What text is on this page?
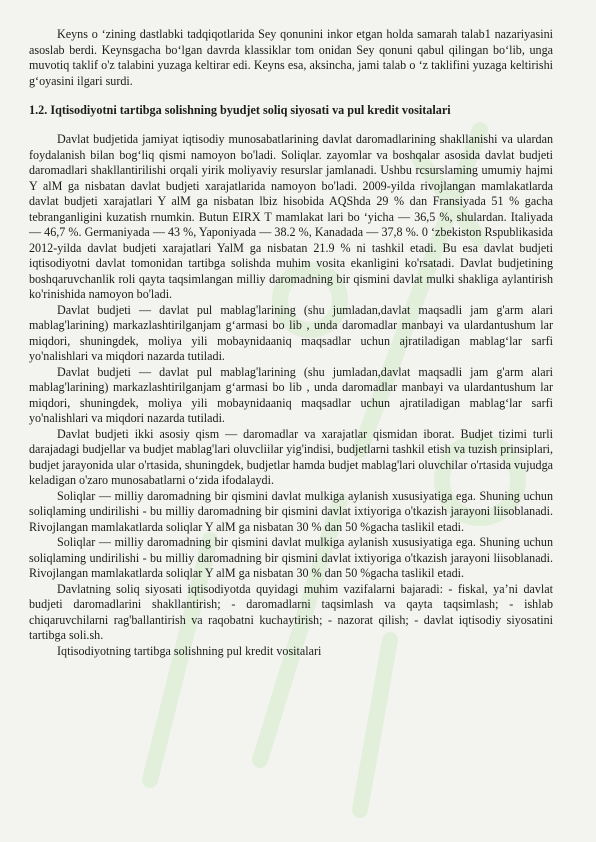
Keyns o ‘zining dastlabki tadqiqotlarida Sey qonunini inkor etgan holda samarah talab1 nazariyasini asoslab berdi. Keynsgacha bo‘lgan davrda klassiklar tom onidan Sey qonuni qabul qilingan bo‘lib, unga muvotiq taklif o'z talabini yuzaga keltirar edi. Keyns esa, aksincha, jami talab o ‘z taklifini yuzaga keltirishi g‘oyasini ilgari surdi.

1.2. Iqtisodiyotni tartibga solishning byudjet soliq siyosati va pul kredit vositalari

Davlat budjetida jamiyat iqtisodiy munosabatlarining davlat daromadlarining shakllanishi va ulardan foydalanish bilan bog‘liq qismi namoyon bo'ladi. Soliqlar. zayomlar va boshqalar asosida davlat budjeti daromadlari shakllantirilishi orqali yirik moliyaviy resurslar jamlanadi. Ushbu rcsurslaming umumiy hajmi Y alM ga nisbatan davlat budjeti xarajatlarida namoyon bo'ladi. 2009-yilda rivojlangan mamlakatlarda davlat budjeti xarajatlari Y alM ga nisbatan lbiz hisobida AQShda 29 % dan Fransiyada 51 % gacha tebranganligini kuzatish rnumkin. Butun EIRX T mamlakat lari bo ‘yicha — 36,5 %, shulardan. Italiyada — 46,7 %. Germaniyada — 43 %, Yaponiyada — 38.2 %, Kanadada — 37,8 %. 0 ‘zbekiston Rspublikasida 2012-yilda davlat budjeti xarajatlari YalM ga nisbatan 21.9 % ni tashkil etadi. Bu esa davlat budjeti iqtisodiyotni davlat tomonidan tartibga solishda muhim vosita ekanligini ko'rsatadi. Davlat budjetining boshqaruvchanlik roli qayta taqsimlangan milliy daromadning bir qismini davlat mulki shakliga aylantirish ko'rinishida namoyon bo'ladi.

Davlat budjeti — davlat pul mablag'larining (shu jumladan,davlat maqsadli jam g'arm alari mablag'larining) markazlashtirilganjam g‘armasi bo lib , unda daromadlar manbayi va ulardantushum lar miqdori, shuningdek, moliya yili mobaynidaaniq maqsadlar uchun ajratiladigan mablag‘lar sarfi yo'nalishlari va miqdori nazarda tutiladi.

Davlat budjeti — davlat pul mablag'larining (shu jumladan,davlat maqsadli jam g'arm alari mablag'larining) markazlashtirilganjam g‘armasi bo lib , unda daromadlar manbayi va ulardantushum lar miqdori, shuningdek, moliya yili mobaynidaaniq maqsadlar uchun ajratiladigan mablag‘lar sarfi yo'nalishlari va miqdori nazarda tutiladi.

Davlat budjeti ikki asosiy qism — daromadlar va xarajatlar qismidan iborat. Budjet tizimi turli darajadagi budjellar va budjet mablag'lari oluvcliilar yig'indisi, budjetlarni tashkil etish va tuzish prinsiplari, budjet jarayonida ular o'rtasida, shuningdek, budjetlar hamda budjet mablag'lari oluvchilar o'rtasida vujudga keladigan o'zaro munosabatlarni o‘zida ifodalaydi.

Soliqlar — milliy daromadning bir qismini davlat mulkiga aylanish xususiyatiga ega. Shuning uchun soliqlaming undirilishi - bu milliy daromadning bir qismini davlat ixtiyoriga o'tkazish jarayoni liisoblanadi. Rivojlangan mamlakatlarda soliqlar Y alM ga nisbatan 30 % dan 50 %gacha taslikil etadi.

Soliqlar — milliy daromadning bir qismini davlat mulkiga aylanish xususiyatiga ega. Shuning uchun soliqlaming undirilishi - bu milliy daromadning bir qismini davlat ixtiyoriga o'tkazish jarayoni liisoblanadi. Rivojlangan mamlakatlarda soliqlar Y alM ga nisbatan 30 % dan 50 %gacha taslikil etadi.

Davlatning soliq siyosati iqtisodiyotda quyidagi muhim vazifalarni bajaradi: - fiskal, ya’ni davlat budjeti daromadlarini shakllantirish; - daromadlarni taqsimlash va qayta taqsimlash; - ishlab chiqaruvchilarni rag'ballantirish va raqobatni kuchaytirish; - nazorat qilish; - davlat iqtisodiy siyosatini tartibga soli.sh.

Iqtisodiyotning tartibga solishning pul kredit vositalari
